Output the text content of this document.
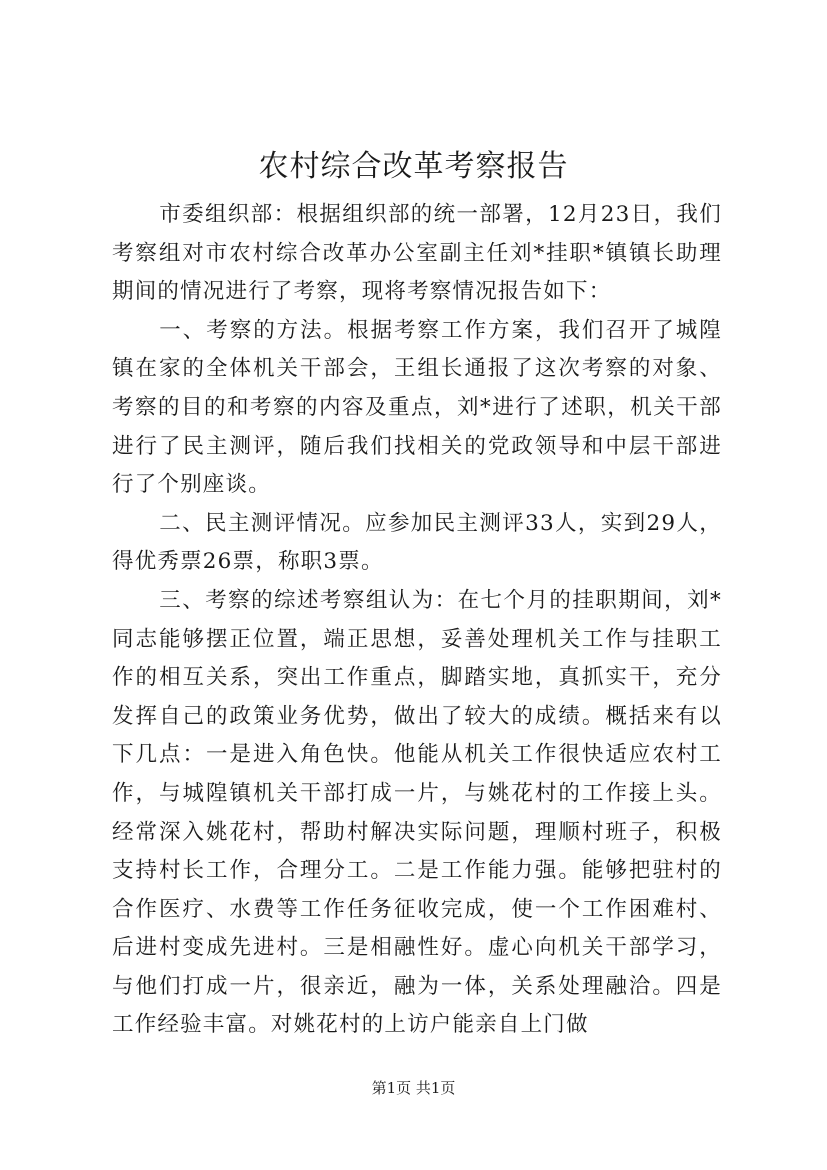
农村综合改革考察报告

市委组织部：根据组织部的统一部署，12月23日，我们考察组对市农村综合改革办公室副主任刘*挂职*镇镇长助理期间的情况进行了考察，现将考察情况报告如下：

一、考察的方法。根据考察工作方案，我们召开了城隍镇在家的全体机关干部会，王组长通报了这次考察的对象、考察的目的和考察的内容及重点，刘*进行了述职，机关干部进行了民主测评，随后我们找相关的党政领导和中层干部进行了个别座谈。

二、民主测评情况。应参加民主测评33人，实到29人，得优秀票26票，称职3票。

三、考察的综述考察组认为：在七个月的挂职期间，刘*同志能够摆正位置，端正思想，妥善处理机关工作与挂职工作的相互关系，突出工作重点，脚踏实地，真抓实干，充分发挥自己的政策业务优势，做出了较大的成绩。概括来有以下几点：一是进入角色快。他能从机关工作很快适应农村工作，与城隍镇机关干部打成一片，与姚花村的工作接上头。经常深入姚花村，帮助村解决实际问题，理顺村班子，积极支持村长工作，合理分工。二是工作能力强。能够把驻村的合作医疗、水费等工作任务征收完成，使一个工作困难村、后进村变成先进村。三是相融性好。虚心向机关干部学习，与他们打成一片，很亲近，融为一体，关系处理融洽。四是工作经验丰富。对姚花村的上访户能亲自上门做

第1页 共1页
